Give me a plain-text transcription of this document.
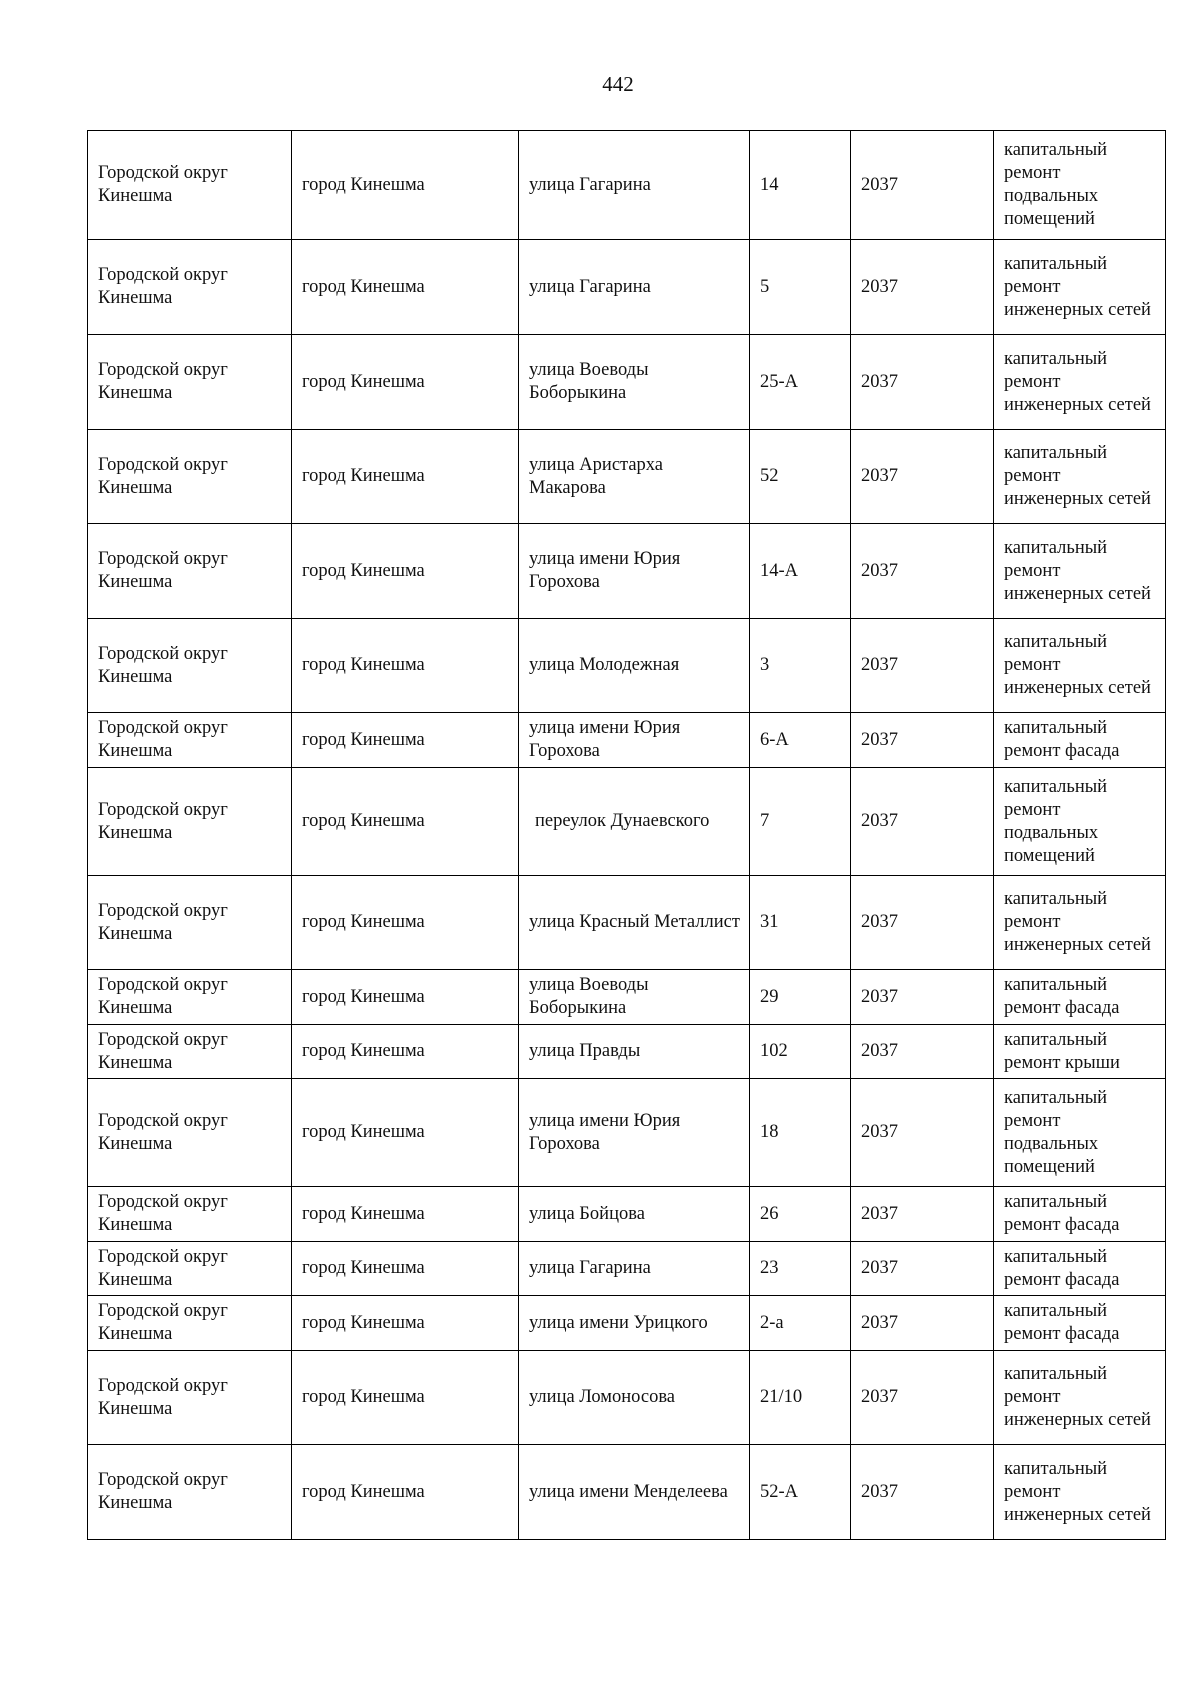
442
Городской округ Кинешма	город Кинешма	улица Гагарина	14	2037	капитальный ремонт подвальных помещений

Городской округ Кинешма	город Кинешма	улица Гагарина	5	2037	капитальный ремонт инженерных сетей

Городской округ Кинешма	город Кинешма	улица Воеводы Боборыкина	25-А	2037	капитальный ремонт инженерных сетей

Городской округ Кинешма	город Кинешма	улица Аристарха Макарова	52	2037	капитальный ремонт инженерных сетей

Городской округ Кинешма	город Кинешма	улица имени Юрия Горохова	14-А	2037	капитальный ремонт инженерных сетей

Городской округ Кинешма	город Кинешма	улица Молодежная	3	2037	капитальный ремонт инженерных сетей

Городской округ Кинешма	город Кинешма	улица имени Юрия Горохова	6-А	2037	капитальный ремонт фасада

Городской округ Кинешма	город Кинешма	переулок Дунаевского	7	2037	капитальный ремонт подвальных помещений

Городской округ Кинешма	город Кинешма	улица Красный Металлист	31	2037	капитальный ремонт инженерных сетей

Городской округ Кинешма	город Кинешма	улица Воеводы Боборыкина	29	2037	капитальный ремонт фасада

Городской округ Кинешма	город Кинешма	улица Правды	102	2037	капитальный ремонт крыши

Городской округ Кинешма	город Кинешма	улица имени Юрия Горохова	18	2037	капитальный ремонт подвальных помещений

Городской округ Кинешма	город Кинешма	улица Бойцова	26	2037	капитальный ремонт фасада

Городской округ Кинешма	город Кинешма	улица Гагарина	23	2037	капитальный ремонт фасада

Городской округ Кинешма	город Кинешма	улица имени Урицкого	2-а	2037	капитальный ремонт фасада

Городской округ Кинешма	город Кинешма	улица Ломоносова	21/10	2037	капитальный ремонт инженерных сетей

Городской округ Кинешма	город Кинешма	улица имени Менделеева	52-А	2037	капитальный ремонт инженерных сетей
